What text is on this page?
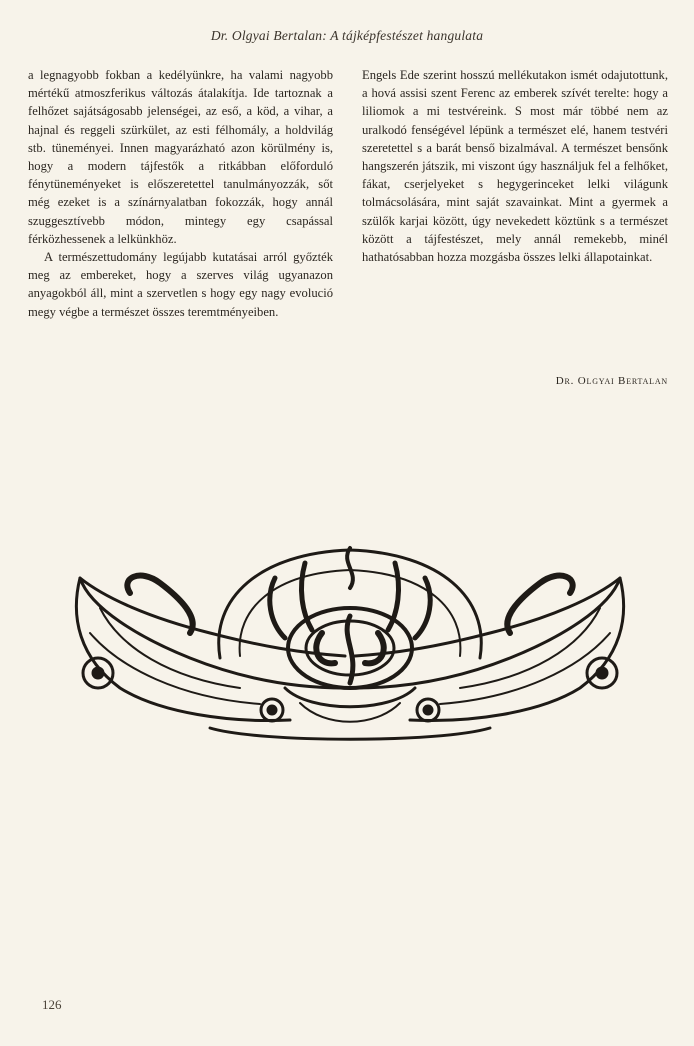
Dr. Olgyai Bertalan: A tájképfestészet hangulata

a legnagyobb fokban a kedélyünkre, ha valami nagyobb mértékű atmoszferikus változás átalakítja. Ide tartoznak a felhőzet sajátságosabb jelenségei, az eső, a köd, a vihar, a hajnal és reggeli szürkület, az esti félhomály, a holdvilág stb. tüneményei. Innen magyarázható azon körülmény is, hogy a modern tájfestők a ritkábban előforduló fénytüneményeket is előszeretettel tanulmányozzák, sőt még ezeket is a színárnyalatban fokozzák, hogy annál szuggesztívebb módon, mintegy egy csapással férközhessenek a lelkünkhöz.

A természettudomány legújabb kutatásai arról győzték meg az embereket, hogy a szerves világ ugyanazon anyagokból áll, mint a szervetlen s hogy egy nagy evolució megy végbe a természet összes teremtményeiben.

Engels Ede szerint hosszú mellékutakon ismét odajutottunk, a hová assisi szent Ferenc az emberek szívét terelte: hogy a liliomok a mi testvéreink. S most már többé nem az uralkodó fenségével lépünk a természet elé, hanem testvéri szeretettel s a barát benső bizalmával. A természet bensőnk hangszerén játszik, mi viszont úgy használjuk fel a felhőket, fákat, cserjelyeket s hegygerinceket lelki világunk tolmácsolására, mint saját szavainkat. Mint a gyermek a szülők karjai között, úgy nevekedett köztünk s a természet között a tájfestészet, mely annál remekebb, minél hathatósabban hozza mozgásba összes lelki állapotainkat.

Dr. Olgyai Bertalan
126
